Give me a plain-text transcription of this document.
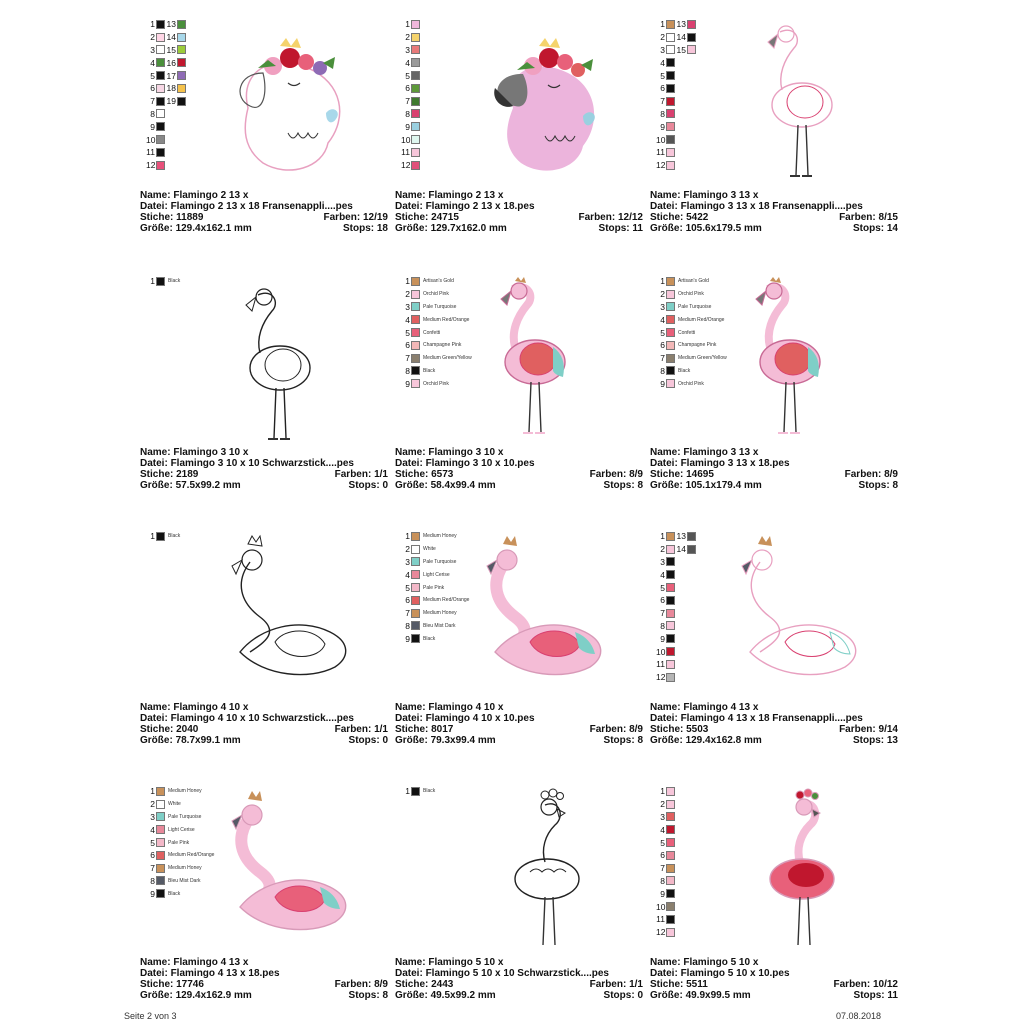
1 13
2 14
3 15
4 16
5 17
6 18
7 19
8
9
10
11
12
Name: Flamingo 2 13 x
Datei: Flamingo 2 13 x 18 Fransenappli....pes
Stiche: 11889	Farben: 12/19
Größe: 129.4x162.1 mm	Stops: 18
1
2
3
4
5
6
7
8
9
10
11
12
Name: Flamingo 2 13 x
Datei: Flamingo 2 13 x 18.pes
Stiche: 24715	Farben: 12/12
Größe: 129.7x162.0 mm	Stops: 11
1 13
2 14
3 15
4
5
6
7
8
9
10
11
12
Name: Flamingo 3 13 x
Datei: Flamingo 3 13 x 18 Fransenappli....pes
Stiche: 5422	Farben: 8/15
Größe: 105.6x179.5 mm	Stops: 14
1	Black
Name: Flamingo 3 10 x
Datei: Flamingo 3 10 x 10 Schwarzstick....pes
Stiche: 2189	Farben: 1/1
Größe: 57.5x99.2 mm	Stops: 0
1	Artisan's Gold
2	Orchid Pink
3	Pale Turquoise
4	Medium Red/Orange
5	Confetti
6	Champagne Pink
7	Medium Green/Yellow
8	Black
9	Orchid Pink
Name: Flamingo 3 10 x
Datei: Flamingo 3 10 x 10.pes
Stiche: 6573	Farben: 8/9
Größe: 58.4x99.4 mm	Stops: 8
1	Artisan's Gold
2	Orchid Pink
3	Pale Turquoise
4	Medium Red/Orange
5	Confetti
6	Champagne Pink
7	Medium Green/Yellow
8	Black
9	Orchid Pink
Name: Flamingo 3 13 x
Datei: Flamingo 3 13 x 18.pes
Stiche: 14695	Farben: 8/9
Größe: 105.1x179.4 mm	Stops: 8
1	Black
Name: Flamingo 4 10 x
Datei: Flamingo 4 10 x 10 Schwarzstick....pes
Stiche: 2040	Farben: 1/1
Größe: 78.7x99.1 mm	Stops: 0
1	Medium Honey
2	White
3	Pale Turquoise
4	Light Cerise
5	Pale Pink
6	Medium Red/Orange
7	Medium Honey
8	Bleu Mist Dark
9	Black
Name: Flamingo 4 10 x
Datei: Flamingo 4 10 x 10.pes
Stiche: 8017	Farben: 8/9
Größe: 79.3x99.4 mm	Stops: 8
1 13
2 14
3
4
5
6
7
8
9
10
11
12
Name: Flamingo 4 13 x
Datei: Flamingo 4 13 x 18 Fransenappli....pes
Stiche: 5503	Farben: 9/14
Größe: 129.4x162.8 mm	Stops: 13
1	Medium Honey
2	White
3	Pale Turquoise
4	Light Cerise
5	Pale Pink
6	Medium Red/Orange
7	Medium Honey
8	Bleu Mist Dark
9	Black
Name: Flamingo 4 13 x
Datei: Flamingo 4 13 x 18.pes
Stiche: 17746	Farben: 8/9
Größe: 129.4x162.9 mm	Stops: 8
1	Black
Name: Flamingo 5 10 x
Datei: Flamingo 5 10 x 10 Schwarzstick....pes
Stiche: 2443	Farben: 1/1
Größe: 49.5x99.2 mm	Stops: 0
1
2
3
4
5
6
7
8
9
10
11
12
Name: Flamingo 5 10 x
Datei: Flamingo 5 10 x 10.pes
Stiche: 5511	Farben: 10/12
Größe: 49.9x99.5 mm	Stops: 11
Seite 2 von 3	07.08.2018
